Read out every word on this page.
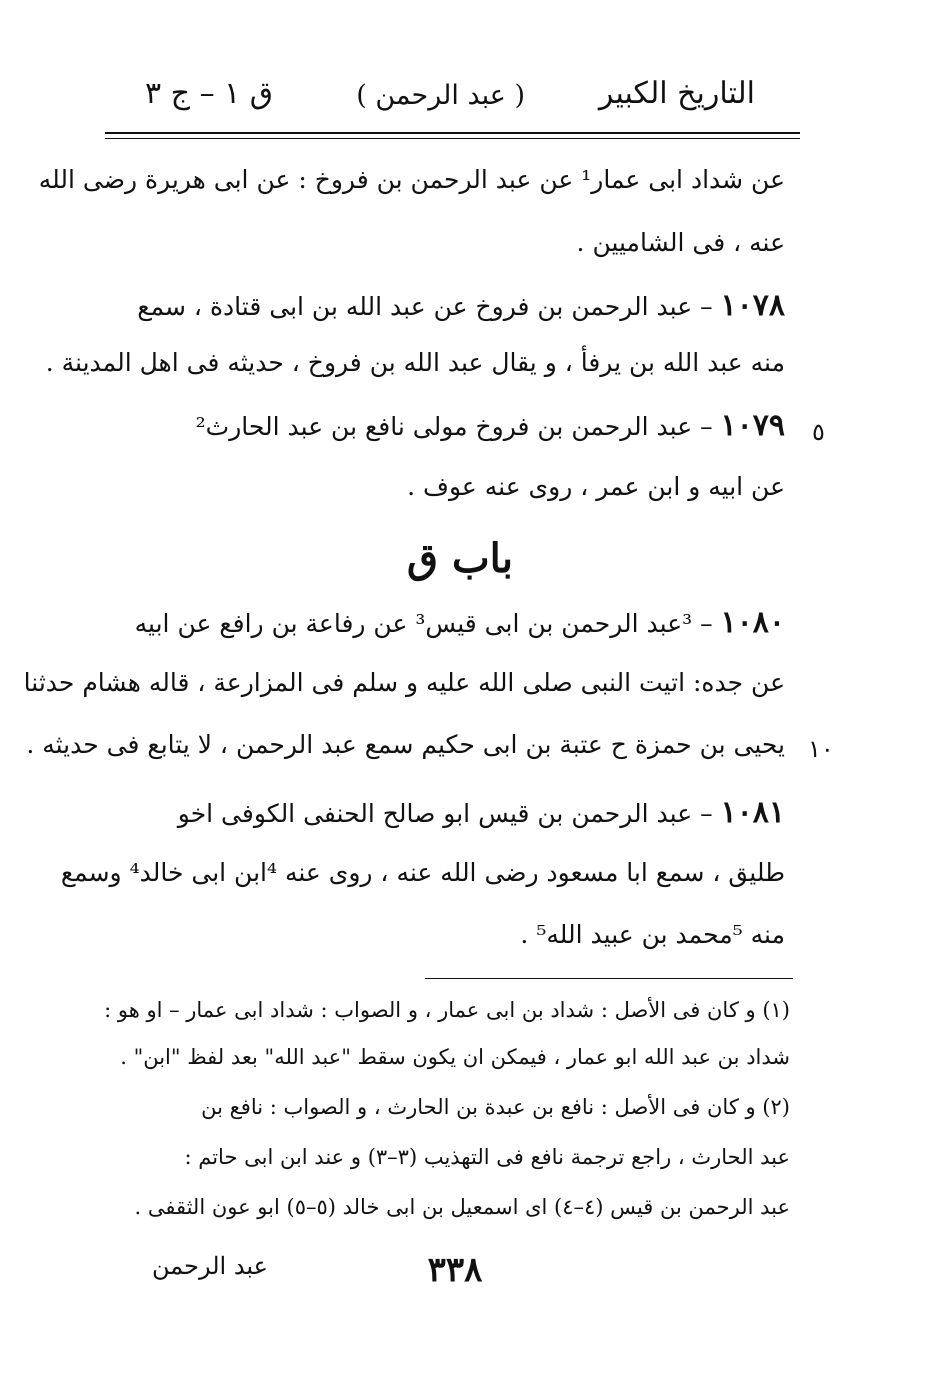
التاريخ الكبير
( عبد الرحمن )
ق ١ – ج ٣
عن شداد ابى عمار¹ عن عبد الرحمن بن فروخ : عن ابى هريرة رضى الله
عنه ، فى الشاميين .
١٠٧٨ – عبد الرحمن بن فروخ عن عبد الله بن ابى قتادة ، سمع
منه عبد الله بن يرفأ ، و يقال عبد الله بن فروخ ، حديثه فى اهل المدينة .
١٠٧٩ – عبد الرحمن بن فروخ مولى نافع بن عبد الحارث²	٥
عن ابيه و ابن عمر ، روى عنه عوف .
باب ق
١٠٨٠ – ³عبد الرحمن بن ابى قيس³ عن رفاعة بن رافع عن ابيه
عن جده: اتيت النبى صلى الله عليه و سلم فى المزارعة ، قاله هشام حدثنا
يحيى بن حمزة ح عتبة بن ابى حكيم سمع عبد الرحمن ، لا يتابع فى حديثه . ١٠
١٠٨١ – عبد الرحمن بن قيس ابو صالح الحنفى الكوفى اخو
طليق ، سمع ابا مسعود رضى الله عنه ، روى عنه ⁴ابن ابى خالد⁴ وسمع
منه ⁵محمد بن عبيد الله⁵ .
(١) و كان فى الأصل : شداد بن ابى عمار ، و الصواب : شداد ابى عمار – او هو :
شداد بن عبد الله ابو عمار ، فيمكن ان يكون سقط "عبد الله" بعد لفظ "ابن" .
(٢) و كان فى الأصل : نافع بن عبدة بن الحارث ، و الصواب : نافع بن
عبد الحارث ، راجع ترجمة نافع فى التهذيب (٣–٣) و عند ابن ابى حاتم :
عبد الرحمن بن قيس (٤–٤) اى اسمعيل بن ابى خالد (٥–٥) ابو عون الثقفى .
٣٣٨
عبد الرحمن
